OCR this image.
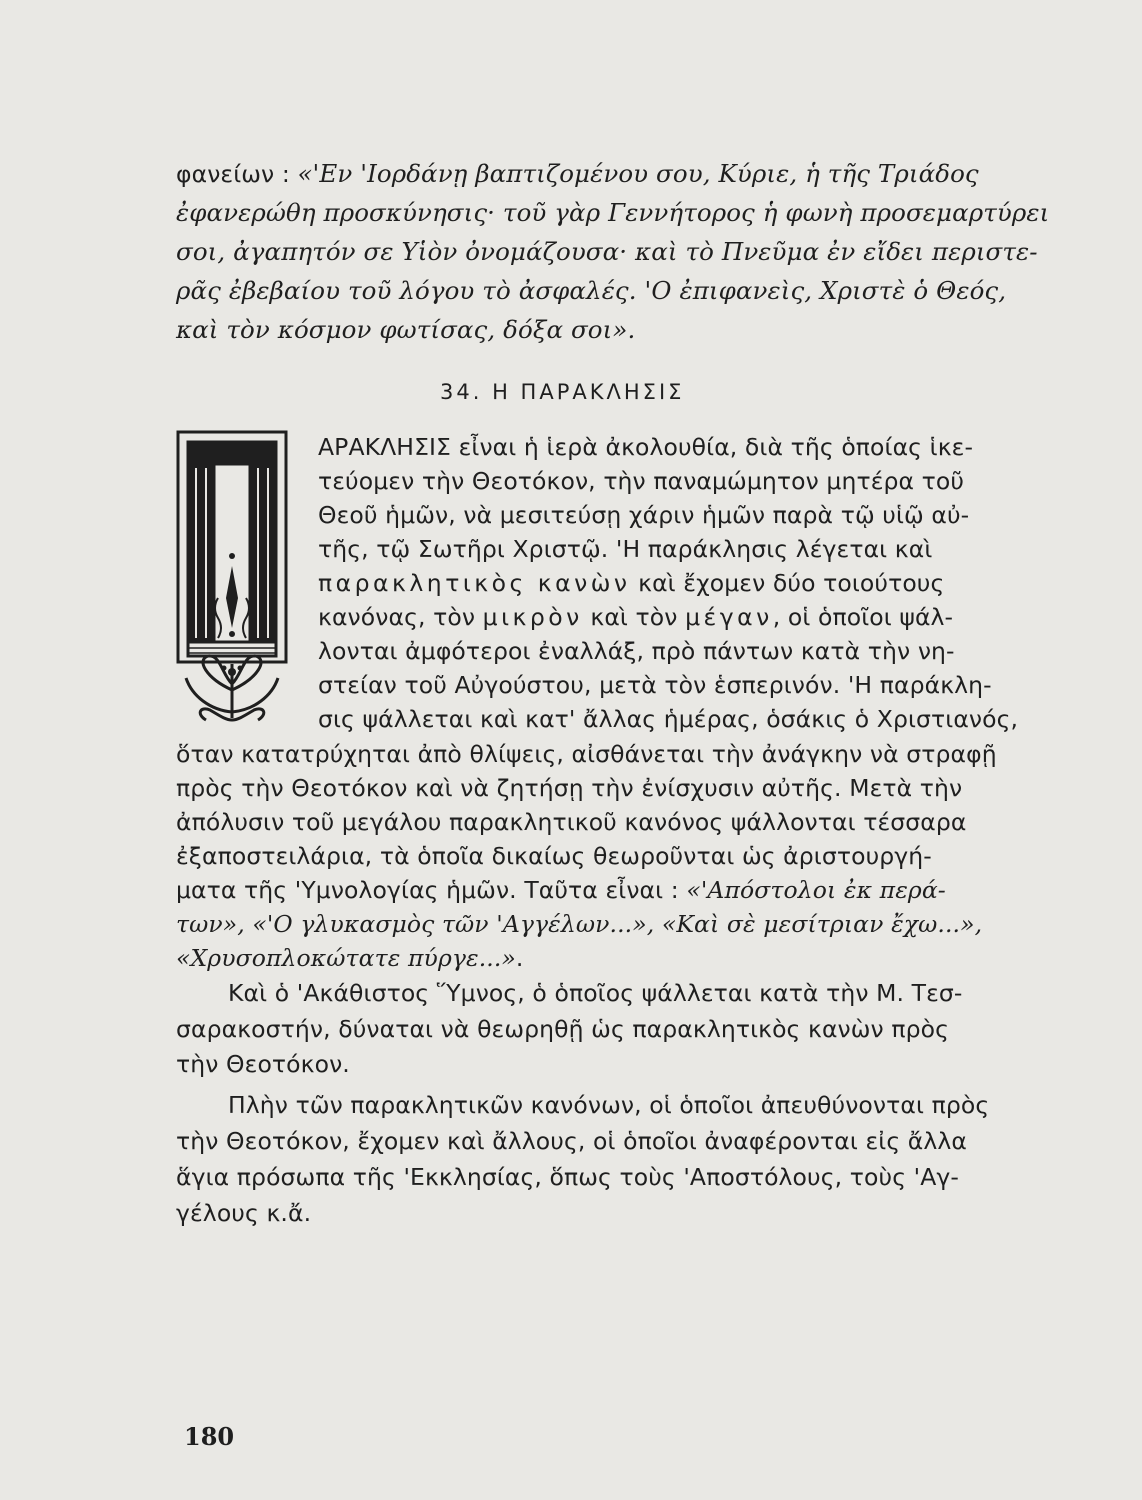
φανείων : «'Εν 'Ιορδάνῃ βαπτιζομένου σου, Κύριε, ἡ τῆς Τριάδος
ἐφανερώθη προσκύνησις· τοῦ γὰρ Γεννήτορος ἡ φωνὴ προσεμαρτύρει
σοι, ἀγαπητόν σε Υἱὸν ὀνομάζουσα· καὶ τὸ Πνεῦμα ἐν εἴδει περιστε-
ρᾶς ἐβεβαίου τοῦ λόγου τὸ ἀσφαλές. 'Ο ἐπιφανεὶς, Χριστὲ ὁ Θεός,
καὶ τὸν κόσμον φωτίσας, δόξα σοι».
34. Η ΠΑΡΑΚΛΗΣΙΣ
ΑΡΑΚΛΗΣΙΣ εἶναι ἡ ἱερὰ ἀκολουθία, διὰ τῆς ὁποίας ἱκε-
τεύομεν τὴν Θεοτόκον, τὴν παναμώμητον μητέρα τοῦ
Θεοῦ ἡμῶν, νὰ μεσιτεύσῃ χάριν ἡμῶν παρὰ τῷ υἱῷ αὐ-
τῆς, τῷ Σωτῆρι Χριστῷ. 'Η παράκλησις λέγεται καὶ
παρακλητικὸς κανὼν καὶ ἔχομεν δύο τοιούτους
κανόνας, τὸν μικρὸν καὶ τὸν μέγαν, οἱ ὁποῖοι ψάλ-
λονται ἀμφότεροι ἐναλλάξ, πρὸ πάντων κατὰ τὴν νη-
στείαν τοῦ Αὐγούστου, μετὰ τὸν ἑσπερινόν. 'Η παράκλη-
σις ψάλλεται καὶ κατ' ἄλλας ἡμέρας, ὁσάκις ὁ Χριστιανός,
ὅταν κατατρύχηται ἀπὸ θλίψεις, αἰσθάνεται τὴν ἀνάγκην νὰ στραφῇ
πρὸς τὴν Θεοτόκον καὶ νὰ ζητήσῃ τὴν ἐνίσχυσιν αὐτῆς. Μετὰ τὴν
ἀπόλυσιν τοῦ μεγάλου παρακλητικοῦ κανόνος ψάλλονται τέσσαρα
ἐξαποστειλάρια, τὰ ὁποῖα δικαίως θεωροῦνται ὡς ἀριστουργή-
ματα τῆς 'Υμνολογίας ἡμῶν. Ταῦτα εἶναι : «'Απόστολοι ἐκ περά-
των», «'Ο γλυκασμὸς τῶν 'Αγγέλων...», «Καὶ σὲ μεσίτριαν ἔχω...»,
«Χρυσοπλοκώτατε πύργε...».
Καὶ ὁ 'Ακάθιστος Ὕμνος, ὁ ὁποῖος ψάλλεται κατὰ τὴν Μ. Τεσ-
σαρακοστήν, δύναται νὰ θεωρηθῇ ὡς παρακλητικὸς κανὼν πρὸς
τὴν Θεοτόκον.
Πλὴν τῶν παρακλητικῶν κανόνων, οἱ ὁποῖοι ἀπευθύνονται πρὸς
τὴν Θεοτόκον, ἔχομεν καὶ ἄλλους, οἱ ὁποῖοι ἀναφέρονται εἰς ἄλλα
ἅγια πρόσωπα τῆς 'Εκκλησίας, ὅπως τοὺς 'Αποστόλους, τοὺς 'Αγ-
γέλους κ.ἄ.
180
